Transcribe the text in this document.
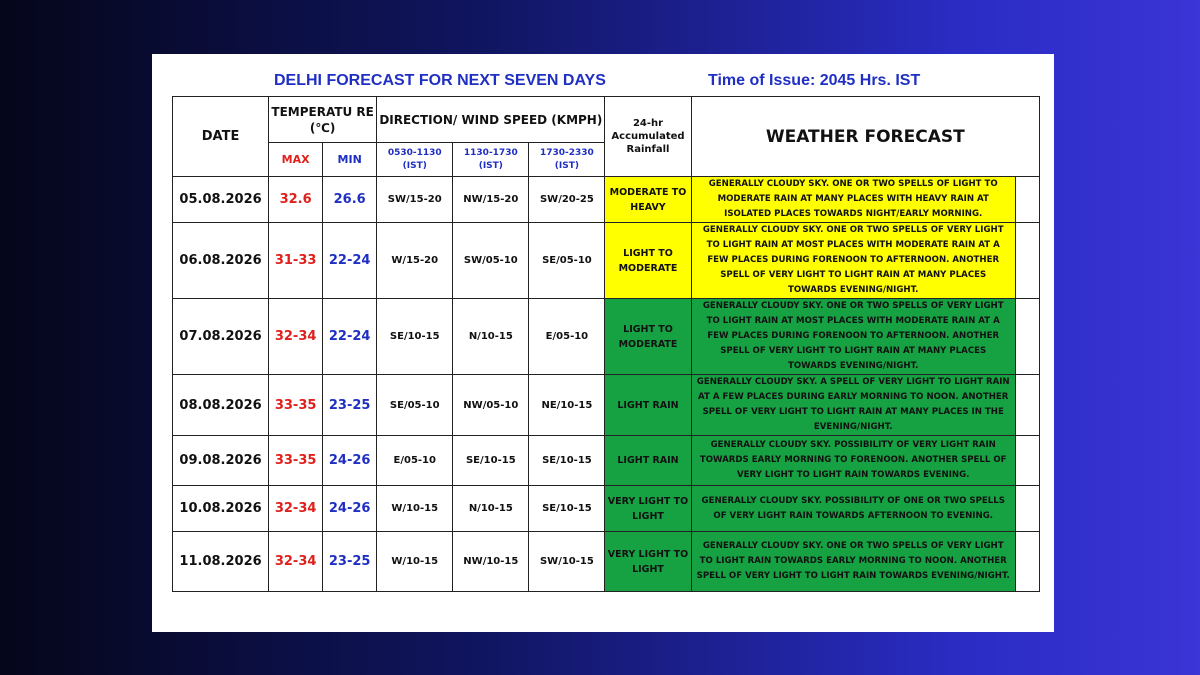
DELHI FORECAST FOR NEXT SEVEN DAYS	Time of Issue: 2045 Hrs. IST
DATE	TEMPERATU RE (℃)		DIRECTION/ WIND SPEED (KMPH)			24-hr Accumulated Rainfall	WEATHER FORECAST	
	MAX	MIN	0530-1130 (IST)	1130-1730 (IST)	1730-2330 (IST)			
05.08.2026	32.6	26.6	SW/15-20	NW/15-20	SW/20-25	MODERATE TO HEAVY	GENERALLY CLOUDY SKY. ONE OR TWO SPELLS OF LIGHT TO MODERATE RAIN AT MANY PLACES WITH HEAVY RAIN AT ISOLATED PLACES TOWARDS NIGHT/EARLY MORNING.	
06.08.2026	31-33	22-24	W/15-20	SW/05-10	SE/05-10	LIGHT TO MODERATE	GENERALLY CLOUDY SKY. ONE OR TWO SPELLS OF VERY LIGHT TO LIGHT RAIN AT MOST PLACES WITH MODERATE RAIN AT A FEW PLACES DURING FORENOON TO AFTERNOON. ANOTHER SPELL OF VERY LIGHT TO LIGHT RAIN AT MANY PLACES TOWARDS EVENING/NIGHT.	
07.08.2026	32-34	22-24	SE/10-15	N/10-15	E/05-10	LIGHT TO MODERATE	GENERALLY CLOUDY SKY. ONE OR TWO SPELLS OF VERY LIGHT TO LIGHT RAIN AT MOST PLACES WITH MODERATE RAIN AT A FEW PLACES DURING FORENOON TO AFTERNOON. ANOTHER SPELL OF VERY LIGHT TO LIGHT RAIN AT MANY PLACES TOWARDS EVENING/NIGHT.	
08.08.2026	33-35	23-25	SE/05-10	NW/05-10	NE/10-15	LIGHT RAIN	GENERALLY CLOUDY SKY. A SPELL OF VERY LIGHT TO LIGHT RAIN AT A FEW PLACES DURING EARLY MORNING TO NOON. ANOTHER SPELL OF VERY LIGHT TO LIGHT RAIN AT MANY PLACES IN THE EVENING/NIGHT.	
09.08.2026	33-35	24-26	E/05-10	SE/10-15	SE/10-15	LIGHT RAIN	GENERALLY CLOUDY SKY. POSSIBILITY OF VERY LIGHT RAIN TOWARDS EARLY MORNING TO FORENOON. ANOTHER SPELL OF VERY LIGHT TO LIGHT RAIN TOWARDS EVENING.	
10.08.2026	32-34	24-26	W/10-15	N/10-15	SE/10-15	VERY LIGHT TO LIGHT	GENERALLY CLOUDY SKY. POSSIBILITY OF ONE OR TWO SPELLS OF VERY LIGHT RAIN TOWARDS AFTERNOON TO EVENING.	
11.08.2026	32-34	23-25	W/10-15	NW/10-15	SW/10-15	VERY LIGHT TO LIGHT	GENERALLY CLOUDY SKY. ONE OR TWO SPELLS OF VERY LIGHT TO LIGHT RAIN TOWARDS EARLY MORNING TO NOON. ANOTHER SPELL OF VERY LIGHT TO LIGHT RAIN TOWARDS EVENING/NIGHT.	
